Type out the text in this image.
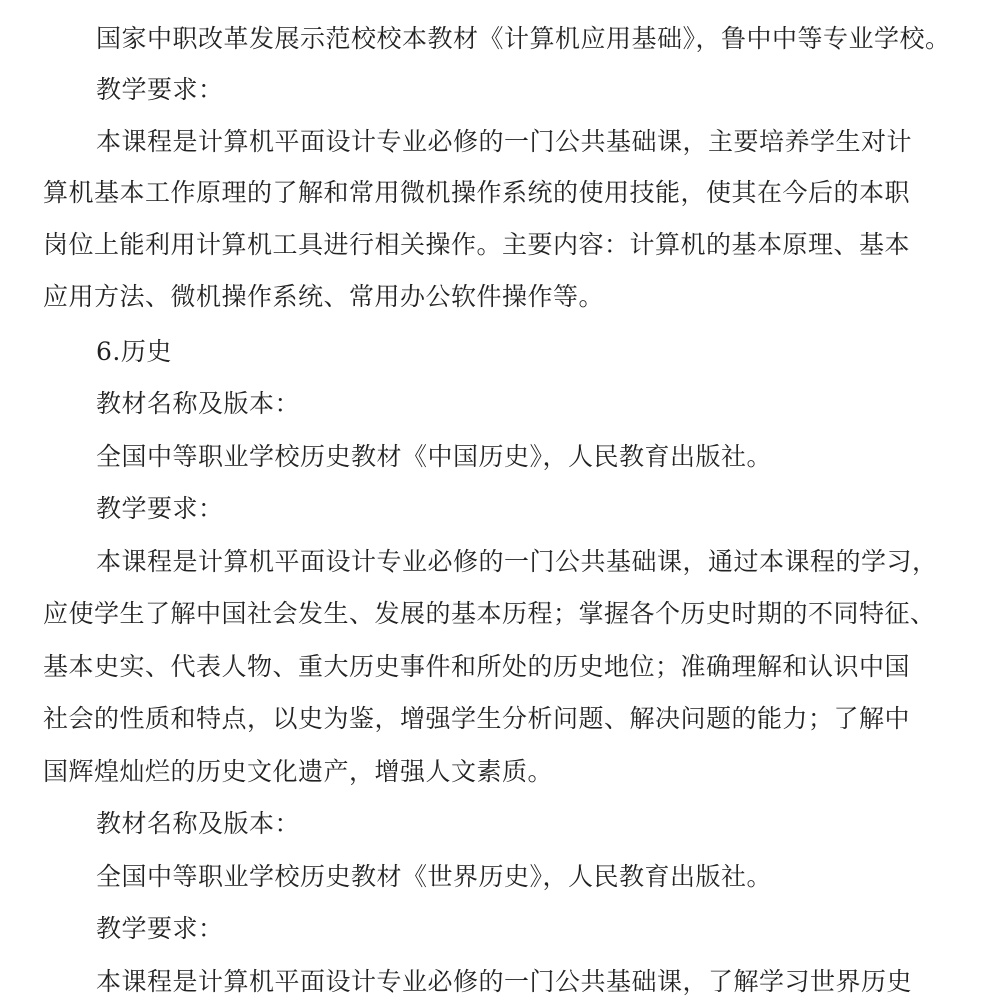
国家中职改革发展示范校校本教材《计算机应用基础》，鲁中中等专业学校。
教学要求：
本课程是计算机平面设计专业必修的一门公共基础课，主要培养学生对计
算机基本工作原理的了解和常用微机操作系统的使用技能，使其在今后的本职
岗位上能利用计算机工具进行相关操作。主要内容：计算机的基本原理、基本
应用方法、微机操作系统、常用办公软件操作等。
6.历史
教材名称及版本：
全国中等职业学校历史教材《中国历史》，人民教育出版社。
教学要求：
本课程是计算机平面设计专业必修的一门公共基础课，通过本课程的学习，
应使学生了解中国社会发生、发展的基本历程；掌握各个历史时期的不同特征、
基本史实、代表人物、重大历史事件和所处的历史地位；准确理解和认识中国
社会的性质和特点，以史为鉴，增强学生分析问题、解决问题的能力；了解中
国辉煌灿烂的历史文化遗产，增强人文素质。
教材名称及版本：
全国中等职业学校历史教材《世界历史》，人民教育出版社。
教学要求：
本课程是计算机平面设计专业必修的一门公共基础课，了解学习世界历史
